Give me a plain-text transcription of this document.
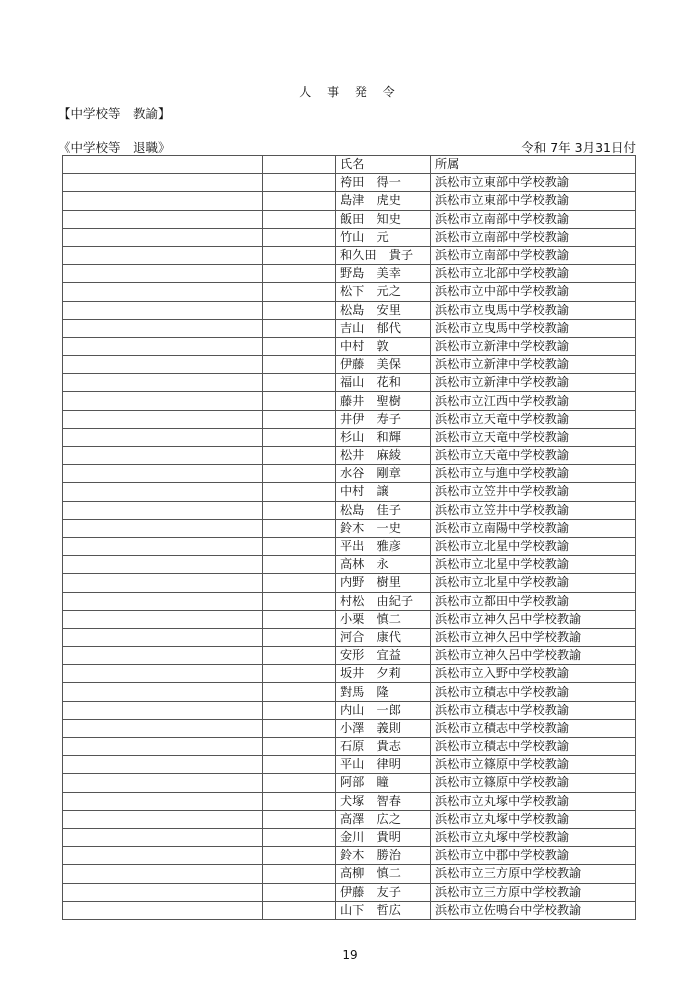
人 事 発 令
【中学校等　教諭】
《中学校等　退職》	令和 7年 3月31日付
		氏名	所属
		袴田　得一	浜松市立東部中学校教諭
		島津　虎史	浜松市立東部中学校教諭
		飯田　知史	浜松市立南部中学校教諭
		竹山　元	浜松市立南部中学校教諭
		和久田　貴子	浜松市立南部中学校教諭
		野島　美幸	浜松市立北部中学校教諭
		松下　元之	浜松市立中部中学校教諭
		松島　安里	浜松市立曳馬中学校教諭
		吉山　郁代	浜松市立曳馬中学校教諭
		中村　敦	浜松市立新津中学校教諭
		伊藤　美保	浜松市立新津中学校教諭
		福山　花和	浜松市立新津中学校教諭
		藤井　聖樹	浜松市立江西中学校教諭
		井伊　寿子	浜松市立天竜中学校教諭
		杉山　和輝	浜松市立天竜中学校教諭
		松井　麻綾	浜松市立天竜中学校教諭
		水谷　剛章	浜松市立与進中学校教諭
		中村　譲	浜松市立笠井中学校教諭
		松島　佳子	浜松市立笠井中学校教諭
		鈴木　一史	浜松市立南陽中学校教諭
		平出　雅彦	浜松市立北星中学校教諭
		高林　永	浜松市立北星中学校教諭
		内野　樹里	浜松市立北星中学校教諭
		村松　由紀子	浜松市立都田中学校教諭
		小栗　慎二	浜松市立神久呂中学校教諭
		河合　康代	浜松市立神久呂中学校教諭
		安形　宜益	浜松市立神久呂中学校教諭
		坂井　夕莉	浜松市立入野中学校教諭
		對馬　隆	浜松市立積志中学校教諭
		内山　一郎	浜松市立積志中学校教諭
		小澤　義則	浜松市立積志中学校教諭
		石原　貴志	浜松市立積志中学校教諭
		平山　律明	浜松市立篠原中学校教諭
		阿部　瞳	浜松市立篠原中学校教諭
		犬塚　智春	浜松市立丸塚中学校教諭
		高澤　広之	浜松市立丸塚中学校教諭
		金川　貴明	浜松市立丸塚中学校教諭
		鈴木　勝治	浜松市立中郡中学校教諭
		高柳　慎二	浜松市立三方原中学校教諭
		伊藤　友子	浜松市立三方原中学校教諭
		山下　哲広	浜松市立佐鳴台中学校教諭
19
